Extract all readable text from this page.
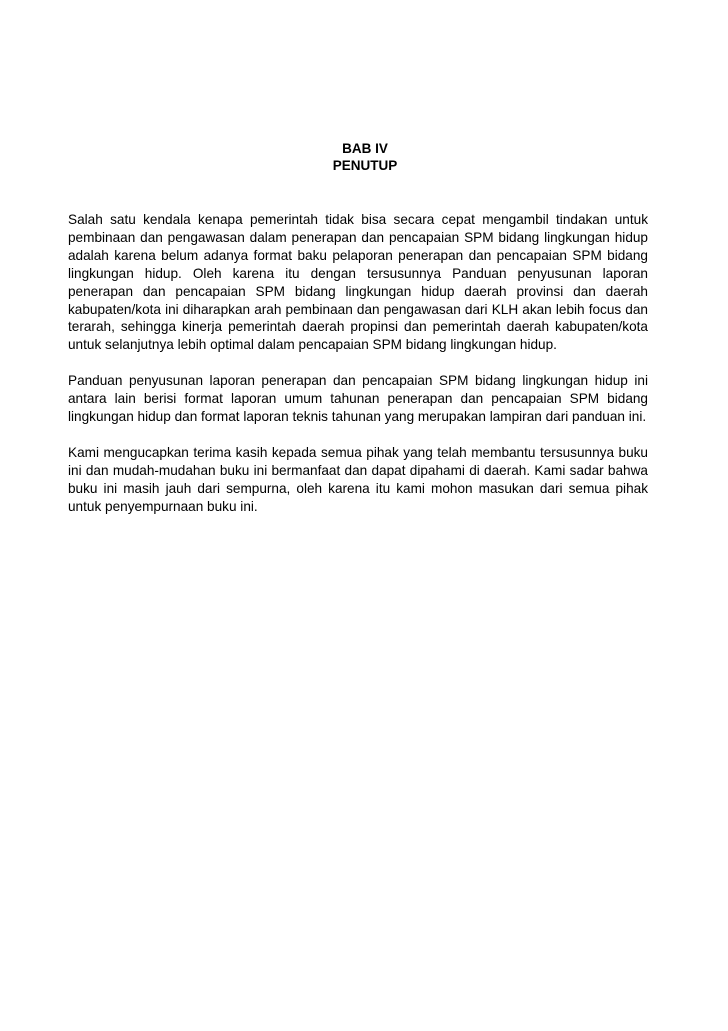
BAB IV
PENUTUP

Salah satu kendala kenapa pemerintah tidak bisa secara cepat mengambil tindakan untuk pembinaan dan pengawasan dalam penerapan dan pencapaian SPM bidang lingkungan hidup adalah karena belum adanya format baku pelaporan penerapan dan pencapaian SPM bidang lingkungan hidup. Oleh karena itu dengan tersusunnya Panduan penyusunan laporan penerapan dan pencapaian SPM bidang lingkungan hidup daerah provinsi dan daerah kabupaten/kota ini diharapkan arah pembinaan dan pengawasan dari KLH akan lebih focus dan terarah, sehingga kinerja pemerintah daerah propinsi dan pemerintah daerah kabupaten/kota untuk selanjutnya lebih optimal dalam pencapaian SPM bidang lingkungan hidup.

Panduan penyusunan laporan penerapan dan pencapaian SPM bidang lingkungan hidup ini antara lain berisi format laporan umum tahunan penerapan dan pencapaian SPM bidang lingkungan hidup dan format laporan teknis tahunan yang merupakan lampiran dari panduan ini.

Kami mengucapkan terima kasih kepada semua pihak yang telah membantu tersusunnya buku ini dan mudah-mudahan buku ini bermanfaat dan dapat dipahami di daerah. Kami sadar bahwa buku ini masih jauh dari sempurna, oleh karena itu kami mohon masukan dari semua pihak untuk penyempurnaan buku ini.
